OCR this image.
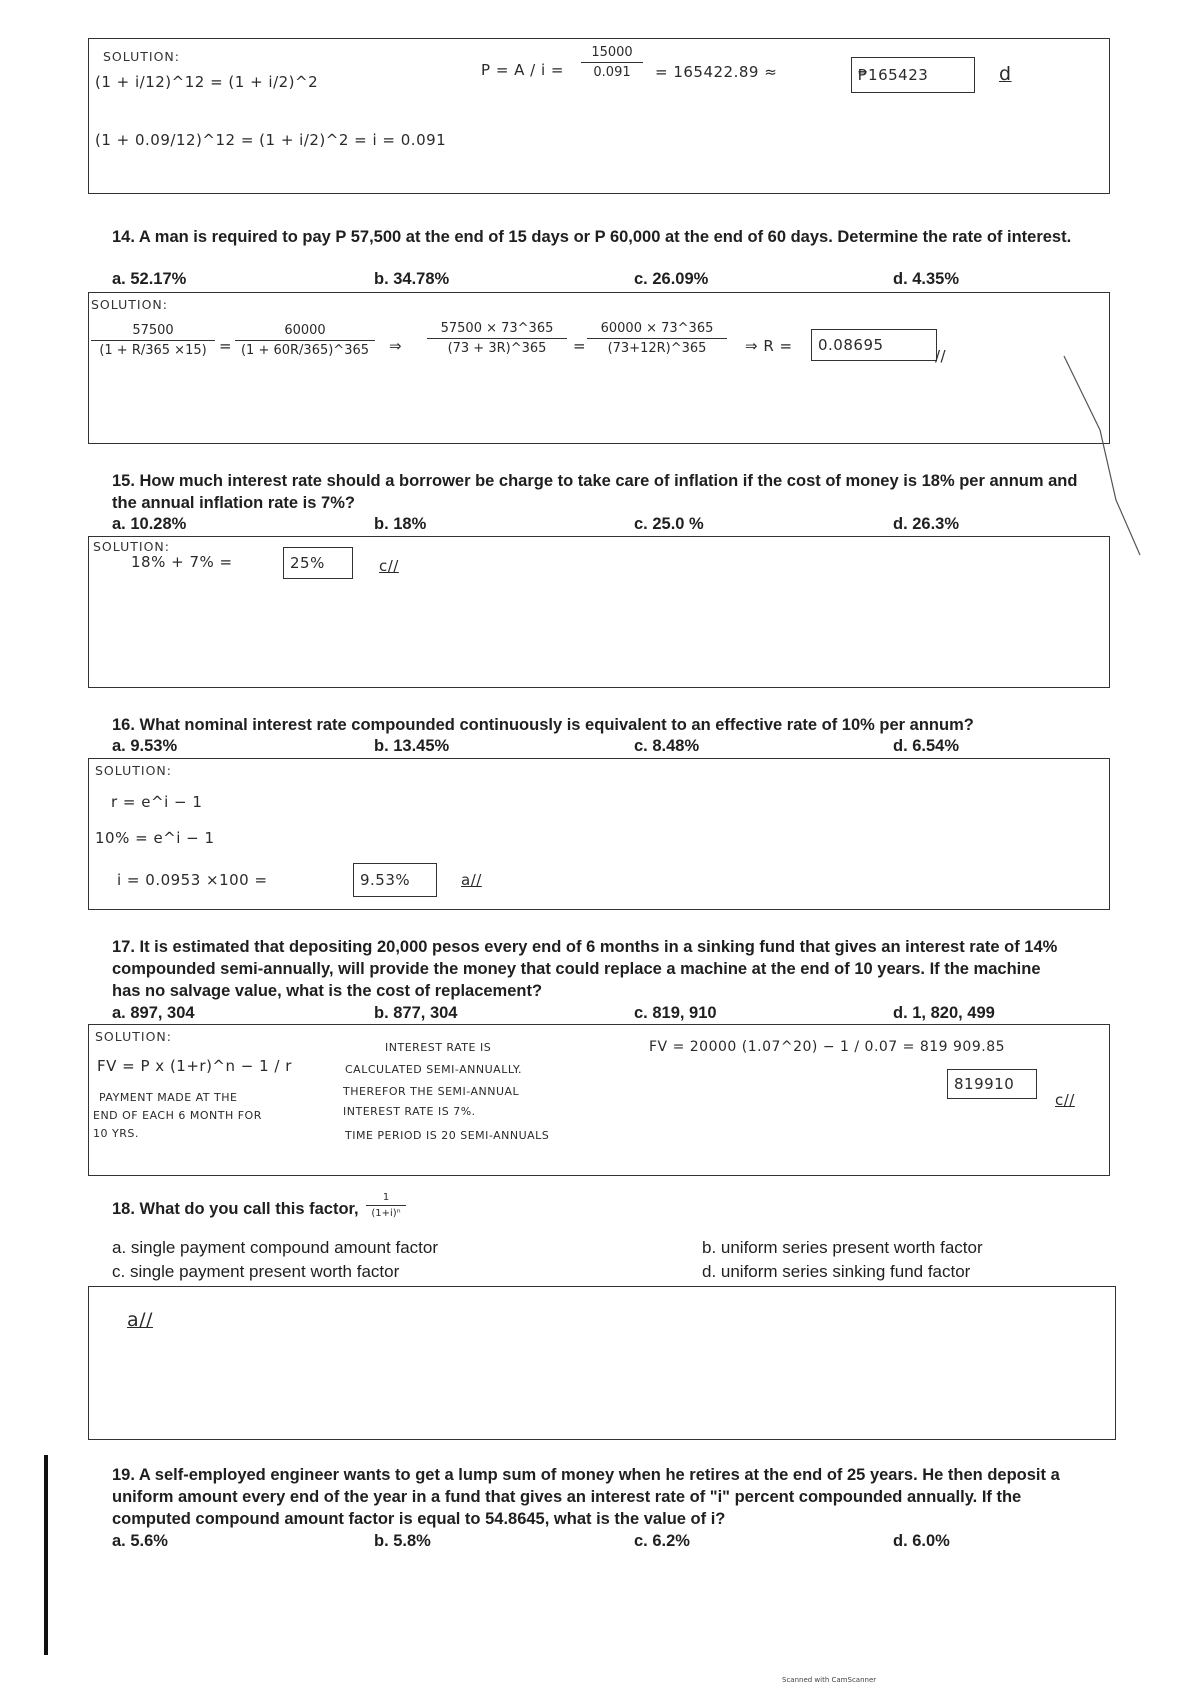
SOLUTION:
(1 + i/12)^12 = (1 + i/2)^2
(1 + 0.09/12)^12 = (1 + i/2)^2 = i = 0.091
P = A / i =
15000
0.091	= 165422.89 ≈	₱165423	d
14. A man is required to pay P 57,500 at the end of 15 days or P 60,000 at the end of 60 days. Determine the rate of interest.
a. 52.17%	b. 34.78%	c. 26.09%	d. 4.35%
SOLUTION:
57500
(1 + R/365 ×15) =
60000
(1 + 60R/365)^365	⇒
57500 × 73^365
(73 + 3R)^365	=
60000 × 73^365
(73+12R)^365	⇒ R =	0.08695
//
15. How much interest rate should a borrower be charge to take care of inflation if the cost of money is 18% per annum and the annual inflation rate is 7%?
a. 10.28%	b. 18%	c. 25.0 %	d. 26.3%
SOLUTION:
18% + 7% =	25%	c//
16. What nominal interest rate compounded continuously is equivalent to an effective rate of 10% per annum?
a. 9.53%	b. 13.45%	c. 8.48%	d. 6.54%
SOLUTION:
r = e^i − 1
10% = e^i − 1
i = 0.0953 ×100 =	9.53%	a//
17. It is estimated that depositing 20,000 pesos every end of 6 months in a sinking fund that gives an interest rate of 14% compounded semi-annually, will provide the money that could replace a machine at the end of 10 years. If the machine has no salvage value, what is the cost of replacement?
a. 897, 304	b. 877, 304	c. 819, 910	d. 1, 820, 499
SOLUTION:
FV = P x (1+r)^n − 1 / r
PAYMENT MADE AT THE
END OF EACH 6 MONTH FOR
10 YRS.
INTEREST RATE IS
CALCULATED SEMI-ANNUALLY.
THEREFOR THE SEMI-ANNUAL
INTEREST RATE IS 7%.
TIME PERIOD IS 20 SEMI-ANNUALS
FV = 20000 (1.07^20) − 1 / 0.07 = 819 909.85
819910
c//
18. What do you call this factor,
1
(1+i)ⁿ
a. single payment compound amount factor	b. uniform series present worth factor
c. single payment present worth factor	d. uniform series sinking fund factor
a//
19. A self-employed engineer wants to get a lump sum of money when he retires at the end of 25 years. He then deposit a uniform amount every end of the year in a fund that gives an interest rate of "i" percent compounded annually. If the computed compound amount factor is equal to 54.8645, what is the value of i?
a. 5.6%	b. 5.8%	c. 6.2%	d. 6.0%
Scanned with CamScanner
